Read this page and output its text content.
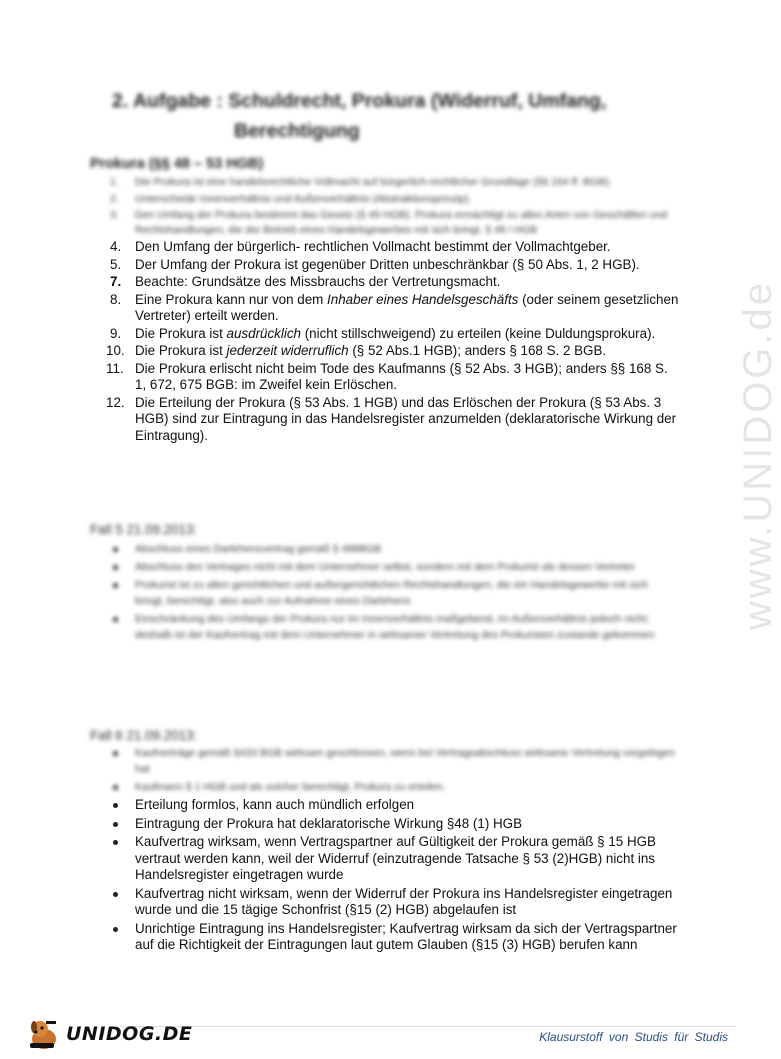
2. Aufgabe : Schuldrecht, Prokura (Widerruf, Umfang,
Berechtigung
Prokura (§§ 48 – 53 HGB)
1. Die Prokura ist eine handelsrechtliche Vollmacht auf bürgerlich-rechtlicher Grundlage (§§ 164 ff. BGB).
2. Unterscheide Innenverhältnis und Außenverhältnis (Abstraktionsprinzip).
3. Den Umfang der Prokura bestimmt das Gesetz (§ 49 HGB). Prokura ermächtigt zu allen Arten von Geschäften und Rechtshandlungen, die der Betrieb eines Handelsgewerbes mit sich bringt, § 49 I HGB
4. Den Umfang der bürgerlich- rechtlichen Vollmacht bestimmt der Vollmachtgeber.
5. Der Umfang der Prokura ist gegenüber Dritten unbeschränkbar (§ 50 Abs. 1, 2 HGB).
7. Beachte: Grundsätze des Missbrauchs der Vertretungsmacht.
8. Eine Prokura kann nur von dem Inhaber eines Handelsgeschäfts (oder seinem gesetzlichen Vertreter) erteilt werden.
9. Die Prokura ist ausdrücklich (nicht stillschweigend) zu erteilen (keine Duldungsprokura).
10. Die Prokura ist jederzeit widerruflich (§ 52 Abs.1 HGB); anders § 168 S. 2 BGB.
11. Die Prokura erlischt nicht beim Tode des Kaufmanns (§ 52 Abs. 3 HGB); anders §§ 168 S. 1, 672, 675 BGB: im Zweifel kein Erlöschen.
12. Die Erteilung der Prokura (§ 53 Abs. 1 HGB) und das Erlöschen der Prokura (§ 53 Abs. 3 HGB) sind zur Eintragung in das Handelsregister anzumelden (deklaratorische Wirkung der Eintragung).
Fall 5 21.09.2013:
Abschluss eines Darlehensvertrag gemäß § 488BGB
Abschluss des Vertrages nicht mit dem Unternehmer selbst, sondern mit dem Prokurist als dessen Vertreter
Prokurist ist zu allen gerichtlichen und außergerichtlichen Rechtshandlungen, die ein Handelsgewerbe mit sich bringt, berechtigt, also auch zur Aufnahme eines Darlehens
Einschränkung des Umfangs der Prokura nur im Innenverhältnis maßgebend, im Außenverhältnis jedoch nicht; deshalb ist der Kaufvertrag mit dem Unternehmer in wirksamer Vertretung des Prokuristen zustande gekommen
Fall 6 21.09.2013:
Kaufverträge gemäß §433 BGB wirksam geschlossen, wenn bei Vertragsabschluss wirksame Vertretung vorgelegen hat
Kaufmann § 1 HGB und als solcher berechtigt, Prokura zu erteilen.
Erteilung formlos, kann auch mündlich erfolgen
Eintragung der Prokura hat deklaratorische Wirkung §48 (1) HGB
Kaufvertrag wirksam, wenn Vertragspartner auf Gültigkeit der Prokura gemäß § 15 HGB vertraut werden kann, weil der Widerruf (einzutragende Tatsache § 53 (2)HGB) nicht ins Handelsregister eingetragen wurde
Kaufvertrag nicht wirksam, wenn der Widerruf der Prokura ins Handelsregister eingetragen wurde und die 15 tägige Schonfrist (§15 (2) HGB) abgelaufen ist
Unrichtige Eintragung ins Handelsregister; Kaufvertrag wirksam da sich der Vertragspartner auf die Richtigkeit der Eintragungen laut gutem Glauben (§15 (3) HGB) berufen kann
www.UNIDOG.de
UNIDOG.DE	Klausurstoff von Studis für Studis
